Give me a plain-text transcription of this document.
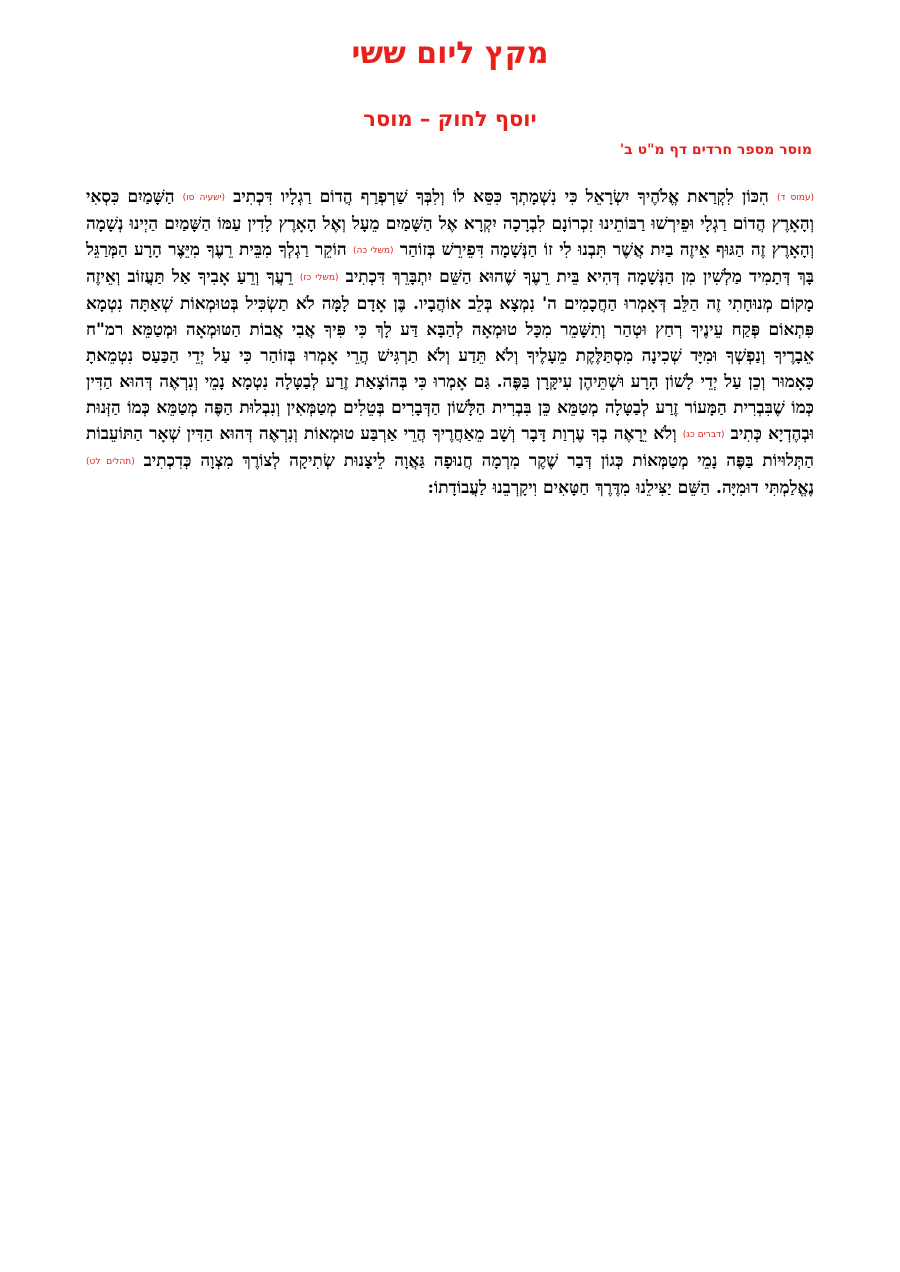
מקץ ליום ששי
יוסף לחוק – מוסר
מוסר מספר חרדים דף מ"ט ב'

(עמוס ד) הִכּוֹן לִקְרַאת אֱלֹהֶיךָ יִשְׂרָאֵל כִּי נִשְׁמָתְךָ כִּסֵּא לוֹ וְלִבְּךָ שַׁרְפְרַף הֲדוֹם רַגְלָיו דִּכְתִיב (ישעיה סו) הַשָּׁמַיִם כִּסְאִי וְהָאָרֶץ הֲדוֹם רַגְלָי וּפֵירְשׁוּ רַבּוֹתֵינוּ זִכְרוֹנָם לִבְרָכָה יִקְרָא אֶל הַשָּׁמַיִם מֵעָל וְאֶל הָאָרֶץ לָדִין עַמּוֹ הַשָּׁמַיִם הַיְינוּ נְשָׁמָה וְהָאָרֶץ זֶה הַגּוּף אֵיזֶה בַיִת אֲשֶׁר תִּבְנוּ לִי זוֹ הַנְּשָׁמָה דִּפֵירֵשׁ בְּזוֹהַר (משלי כה) הוֹקֵר רַגְלְךָ מִבֵּית רֵעֶךָ מִיֵּצֶר הָרָע הַמְּרַגֵּל בָּךְ דְּתָמִיד מַלְשִׁין מִן הַנְּשָׁמָה דְּהִיא בֵּית רֵעֶךָ שֶׁהוּא הַשֵּׁם יִתְבָּרֵךְ דִּכְתִיב (משלי כז) רֵעֲךָ וְרֵעַ אָבִיךָ אַל תַּעֲזוֹב וְאֵיזֶה מָקוֹם מְנוּחָתִי זֶה הַלֵּב דְּאָמְרוּ הַחֲכָמִים ה' נִמְצָא בְּלֵב אוֹהֲבָיו. בֶּן אָדָם לָמָּה לֹא תַשְׂכִּיל בְּטוּמְאוֹת שְׁאַתָּה נִטְמָא פִּתְאוֹם פְּקַח עֵינֶיךָ רְחַץ וּטְהַר וְתִשָּׁמֵר מִכָּל טוּמְאָה לְהַבָּא דַּע לָךְ כִּי פִּיךָ אֲבִי אֲבוֹת הַטּוּמְאָה וּמְטַמֵּא רמ"ח אֵבָרֶיךָ וְנַפְשְׁךָ וּמִיָּד שְׁכִינָה מִסְתַּלֶּקֶת מֵעָלֶיךָ וְלֹא תֵּדַע וְלֹא תַרְגִּישׁ הֲרֵי אָמְרוּ בְּזוֹהַר כִּי עַל יְדֵי הַכַּעַס נִטְמֵאתָ כָּאָמוּר וְכֵן עַל יְדֵי לָשׁוֹן הָרָע וּשְׁתֵּיהֶן עִיקָּרָן בַּפֶּה. גַּם אָמְרוּ כִּי בְּהוֹצָאַת זֶרַע לְבַטָּלָה נִטְמָא נָמֵי וְנִרְאֶה דְּהוּא הַדִּין כְּמוֹ שֶׁבִּבְרִית הַמָּעוֹר זֶרַע לְבַטָּלָה מְטַמֵּא כֵּן בִּבְרִית הַלָּשׁוֹן הַדְּבָרִים בְּטֵלִים מְטַמְּאִין וְנִבְלוּת הַפֶּה מְטַמֵּא כְּמוֹ הַזְּנוּת וּבְהֶדְיָא כְּתִיב (דברים כג) וְלֹא יֵרָאֶה בְךָ עֶרְוַת דָּבָר וְשָׁב מֵאַחֲרֶיךָ הֲרֵי אַרְבַּע טוּמְאוֹת וְנִרְאֶה דְּהוּא הַדִּין שְׁאָר הַתּוֹעֵבוֹת הַתְּלוּיוֹת בַּפֶּה נָמֵי מְטַמְּאוֹת כְּגוֹן דְּבַר שֶׁקֶר מִרְמָה חֲנוּפָה גַּאֲוָה לֵיצָנוּת שְׂתִיקָה לְצוֹרֶךְ מִצְוָה כְּדִכְתִיב (תהלים לט) נֶאֱלַמְתִּי דוּמִיָּה. הַשֵּׁם יַצִּילֵנוּ מִדֶּרֶךְ חַטָּאִים וִיקָרְבֵנוּ לַעֲבוֹדָתוֹ:
